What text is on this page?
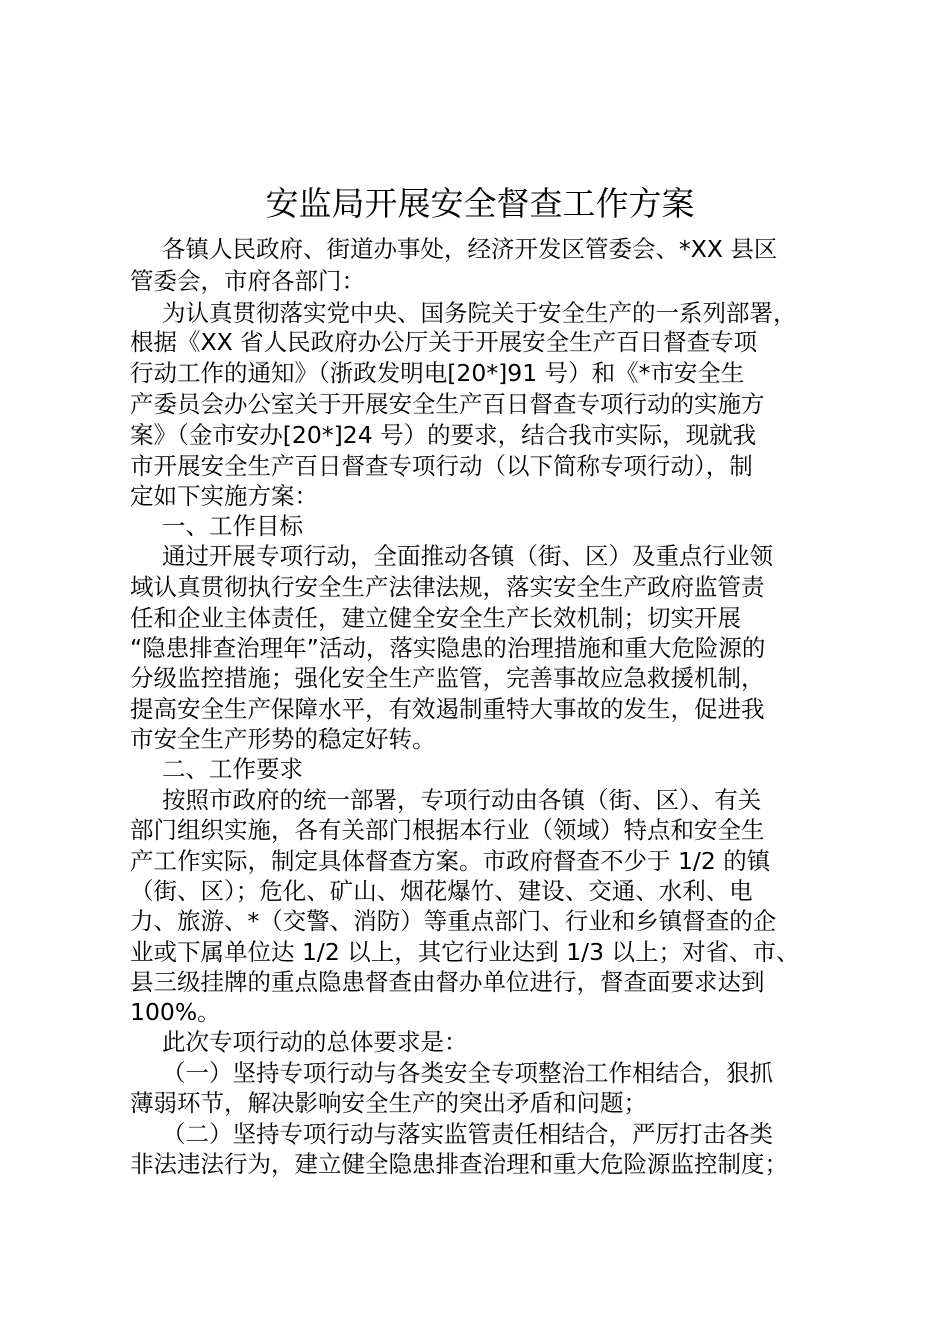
安监局开展安全督查工作方案
各镇人民政府、街道办事处，经济开发区管委会、*XX 县区
管委会，市府各部门：
为认真贯彻落实党中央、国务院关于安全生产的一系列部署，
根据《XX 省人民政府办公厅关于开展安全生产百日督查专项
行动工作的通知》（浙政发明电[20*]91 号）和《*市安全生
产委员会办公室关于开展安全生产百日督查专项行动的实施方
案》（金市安办[20*]24 号）的要求，结合我市实际，现就我
市开展安全生产百日督查专项行动（以下简称专项行动），制
定如下实施方案：
一、工作目标
通过开展专项行动，全面推动各镇（街、区）及重点行业领
域认真贯彻执行安全生产法律法规，落实安全生产政府监管责
任和企业主体责任，建立健全安全生产长效机制；切实开展
“隐患排查治理年”活动，落实隐患的治理措施和重大危险源的
分级监控措施；强化安全生产监管，完善事故应急救援机制，
提高安全生产保障水平，有效遏制重特大事故的发生，促进我
市安全生产形势的稳定好转。
二、工作要求
按照市政府的统一部署，专项行动由各镇（街、区）、有关
部门组织实施，各有关部门根据本行业（领域）特点和安全生
产工作实际，制定具体督查方案。市政府督查不少于 1/2 的镇
（街、区）；危化、矿山、烟花爆竹、建设、交通、水利、电
力、旅游、*（交警、消防）等重点部门、行业和乡镇督查的企
业或下属单位达 1/2 以上，其它行业达到 1/3 以上；对省、市、
县三级挂牌的重点隐患督查由督办单位进行，督查面要求达到
100%。
此次专项行动的总体要求是：
（一）坚持专项行动与各类安全专项整治工作相结合，狠抓
薄弱环节，解决影响安全生产的突出矛盾和问题；
（二）坚持专项行动与落实监管责任相结合，严厉打击各类
非法违法行为，建立健全隐患排查治理和重大危险源监控制度；
